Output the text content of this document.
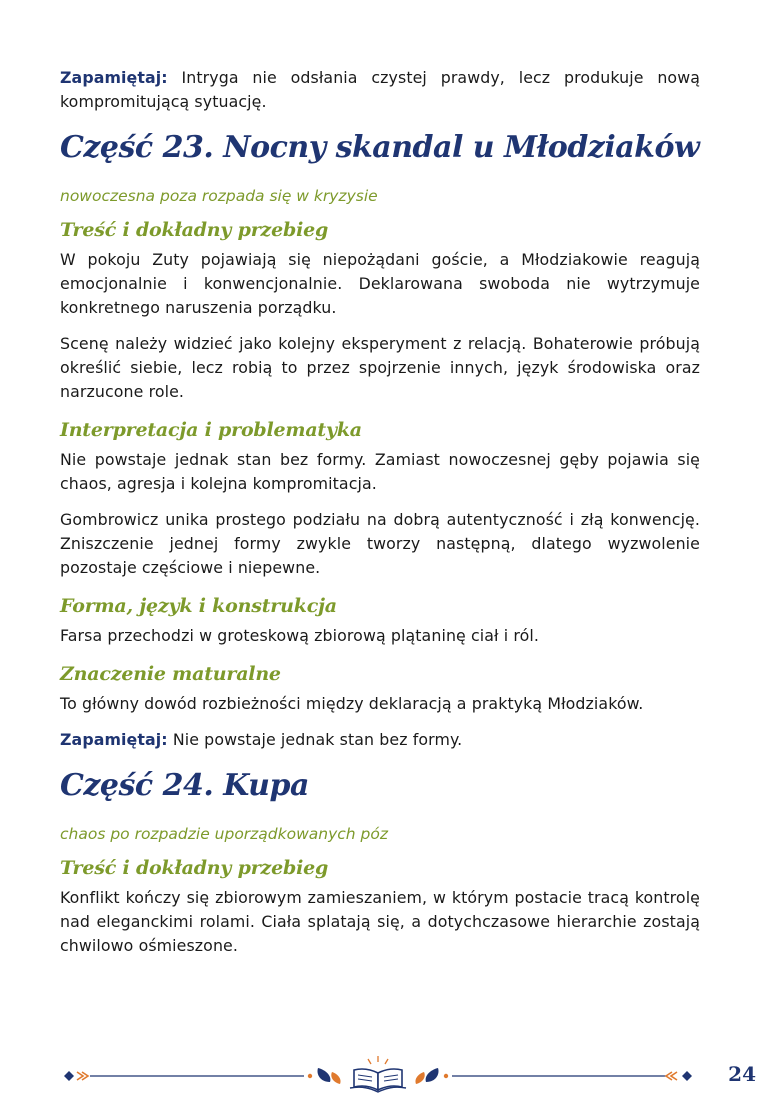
Zapamiętaj: Intryga nie odsłania czystej prawdy, lecz produkuje nową kompromitującą sytuację.

Część 23. Nocny skandal u Młodziaków
nowoczesna poza rozpada się w kryzysie
Treść i dokładny przebieg

W pokoju Zuty pojawiają się niepożądani goście, a Młodziakowie reagują emocjonalnie i konwencjonalnie. Deklarowana swoboda nie wytrzymuje konkretnego naruszenia porządku.

Scenę należy widzieć jako kolejny eksperyment z relacją. Bohaterowie próbują określić siebie, lecz robią to przez spojrzenie innych, język środowiska oraz narzucone role.

Interpretacja i problematyka

Nie powstaje jednak stan bez formy. Zamiast nowoczesnej gęby pojawia się chaos, agresja i kolejna kompromitacja.

Gombrowicz unika prostego podziału na dobrą autentyczność i złą konwencję. Zniszczenie jednej formy zwykle tworzy następną, dlatego wyzwolenie pozostaje częściowe i niepewne.

Forma, język i konstrukcja

Farsa przechodzi w groteskową zbiorową plątaninę ciał i ról.

Znaczenie maturalne

To główny dowód rozbieżności między deklaracją a praktyką Młodziaków.

Zapamiętaj: Nie powstaje jednak stan bez formy.

Część 24. Kupa
chaos po rozpadzie uporządkowanych póz
Treść i dokładny przebieg

Konflikt kończy się zbiorowym zamieszaniem, w którym postacie tracą kontrolę nad eleganckimi rolami. Ciała splatają się, a dotychczasowe hierarchie zostają chwilowo ośmieszone.

24
